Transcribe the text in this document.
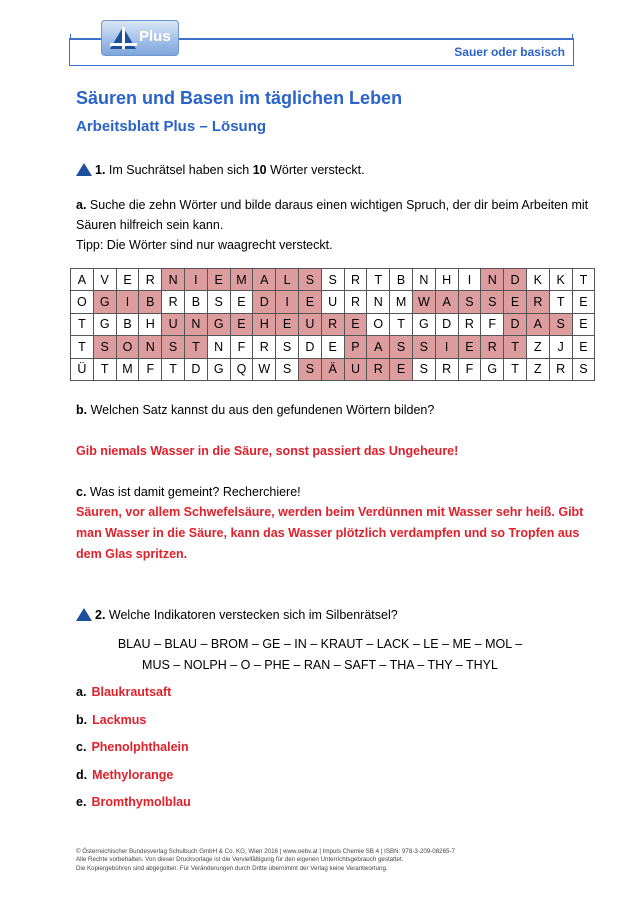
Sauer oder basisch
Plus
Säuren und Basen im täglichen Leben
Arbeitsblatt Plus – Lösung
1. Im Suchrätsel haben sich 10 Wörter versteckt.
a. Suche die zehn Wörter und bilde daraus einen wichtigen Spruch, der dir beim Arbeiten mit
Säuren hilfreich sein kann.
Tipp: Die Wörter sind nur waagrecht versteckt.
A	V	E	R	N	I	E	M	A	L	S	S	R	T	B	N	H	I	N	D	K	K	T
O	G	I	B	R	B	S	E	D	I	E	U	R	N	M	W	A	S	S	E	R	T	E
T	G	B	H	U	N	G	E	H	E	U	R	E	O	T	G	D	R	F	D	A	S	E
T	S	O	N	S	T	N	F	R	S	D	E	P	A	S	S	I	E	R	T	Z	J	E
Ü	T	M	F	T	D	G	Q	W	S	S	Ä	U	R	E	S	R	F	G	T	Z	R	S
b. Welchen Satz kannst du aus den gefundenen Wörtern bilden?
Gib niemals Wasser in die Säure, sonst passiert das Ungeheure!
c. Was ist damit gemeint? Recherchiere!
Säuren, vor allem Schwefelsäure, werden beim Verdünnen mit Wasser sehr heiß. Gibt
man Wasser in die Säure, kann das Wasser plötzlich verdampfen und so Tropfen aus
dem Glas spritzen.
2. Welche Indikatoren verstecken sich im Silbenrätsel?
BLAU – BLAU – BROM – GE – IN – KRAUT – LACK – LE – ME – MOL –
MUS – NOLPH – O – PHE – RAN – SAFT – THA – THY – THYL
a. Blaukrautsaft
b. Lackmus
c. Phenolphthalein
d. Methylorange
e. Bromthymolblau
© Österreichischer Bundesverlag Schulbuch GmbH & Co. KG, Wien 2016 | www.oebv.at | Impuls Chemie SB 4 | ISBN: 978-3-209-08265-7
Alle Rechte vorbehalten. Von dieser Druckvorlage ist die Vervielfältigung für den eigenen Unterrichtsgebrauch gestattet.
Die Kopiergebühren sind abgegolten. Für Veränderungen durch Dritte übernimmt der Verlag keine Verantwortung.
